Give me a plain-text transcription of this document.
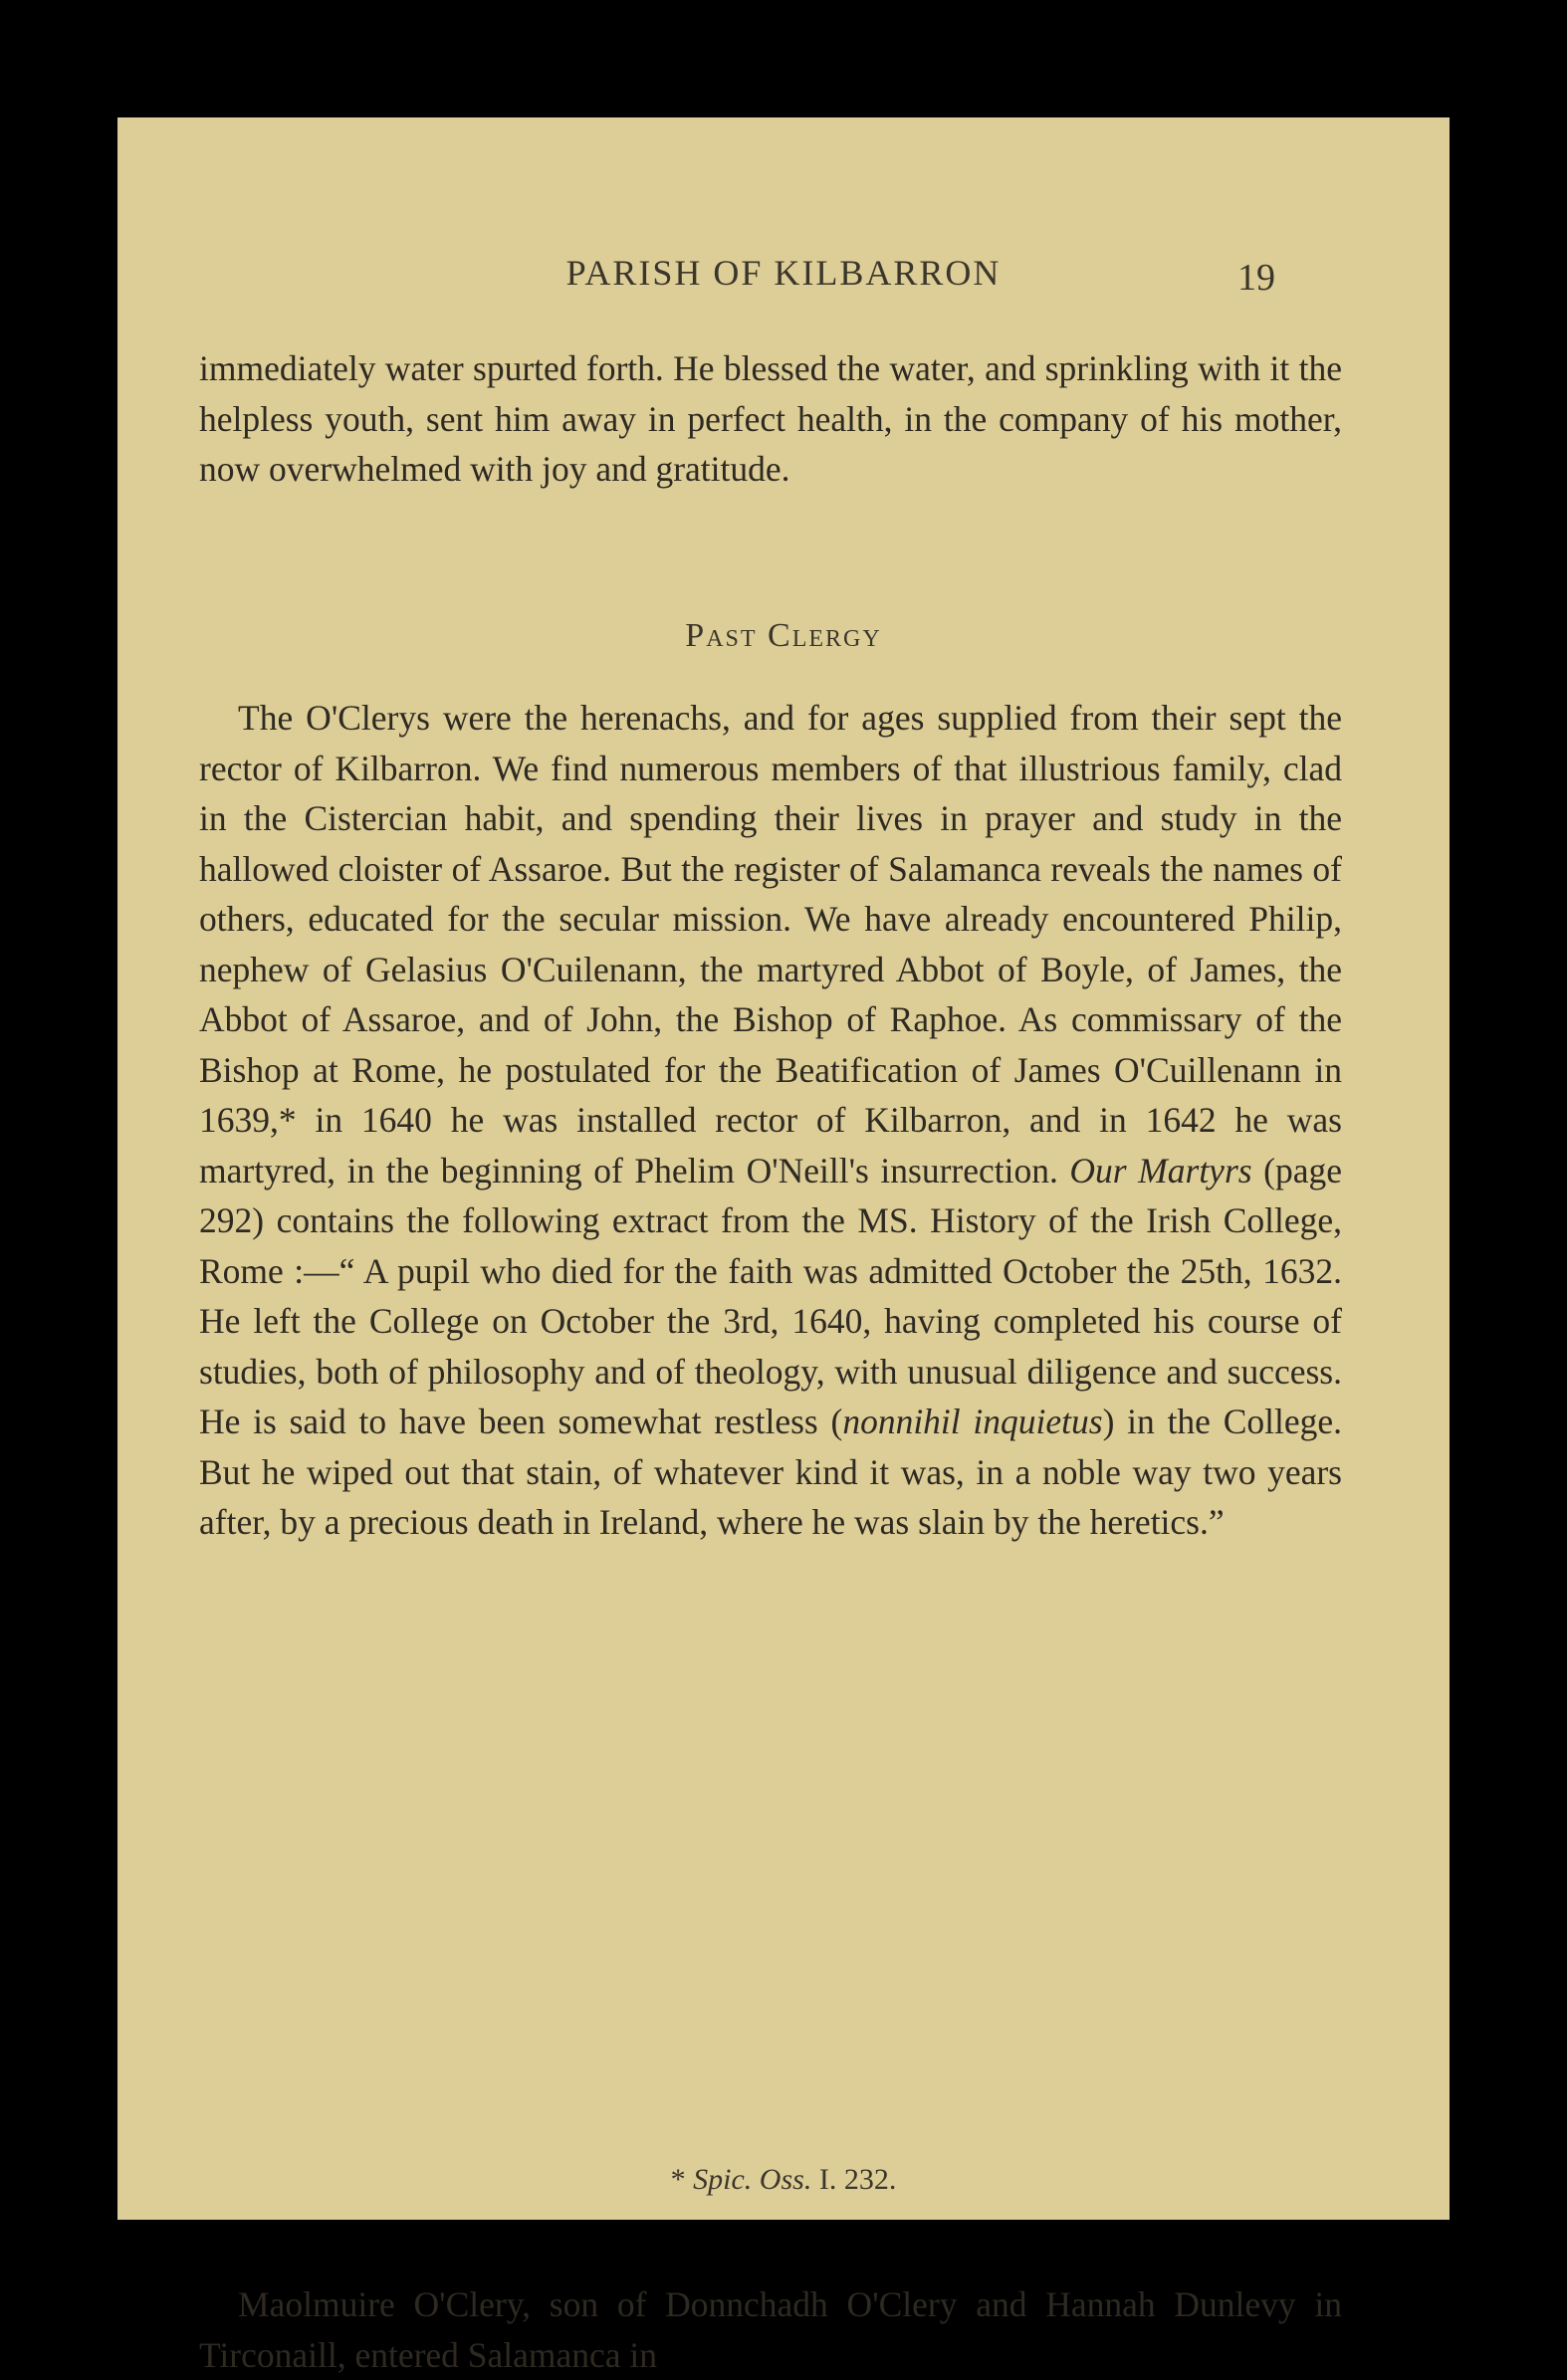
PARISH OF KILBARRON	19

immediately water spurted forth. He blessed the water, and sprinkling with it the helpless youth, sent him away in perfect health, in the company of his mother, now overwhelmed with joy and gratitude.

Past Clergy

The O'Clerys were the herenachs, and for ages supplied from their sept the rector of Kilbarron. We find numerous members of that illustrious family, clad in the Cistercian habit, and spending their lives in prayer and study in the hallowed cloister of Assaroe. But the register of Salamanca reveals the names of others, educated for the secular mission. We have already encountered Philip, nephew of Gelasius O'Cuilenann, the martyred Abbot of Boyle, of James, the Abbot of Assaroe, and of John, the Bishop of Raphoe. As commissary of the Bishop at Rome, he postulated for the Beatification of James O'Cuillenann in 1639,* in 1640 he was installed rector of Kilbarron, and in 1642 he was martyred, in the beginning of Phelim O'Neill's insurrection. Our Martyrs (page 292) contains the following extract from the MS. History of the Irish College, Rome :—“ A pupil who died for the faith was admitted October the 25th, 1632. He left the College on October the 3rd, 1640, having completed his course of studies, both of philosophy and of theology, with unusual diligence and success. He is said to have been somewhat restless (nonnihil inquietus) in the College. But he wiped out that stain, of whatever kind it was, in a noble way two years after, by a precious death in Ireland, where he was slain by the heretics.”

Maolmuire O'Clery, son of Donnchadh O'Clery and Hannah Dunlevy in Tirconaill, entered Salamanca in

* Spic. Oss. I. 232.
